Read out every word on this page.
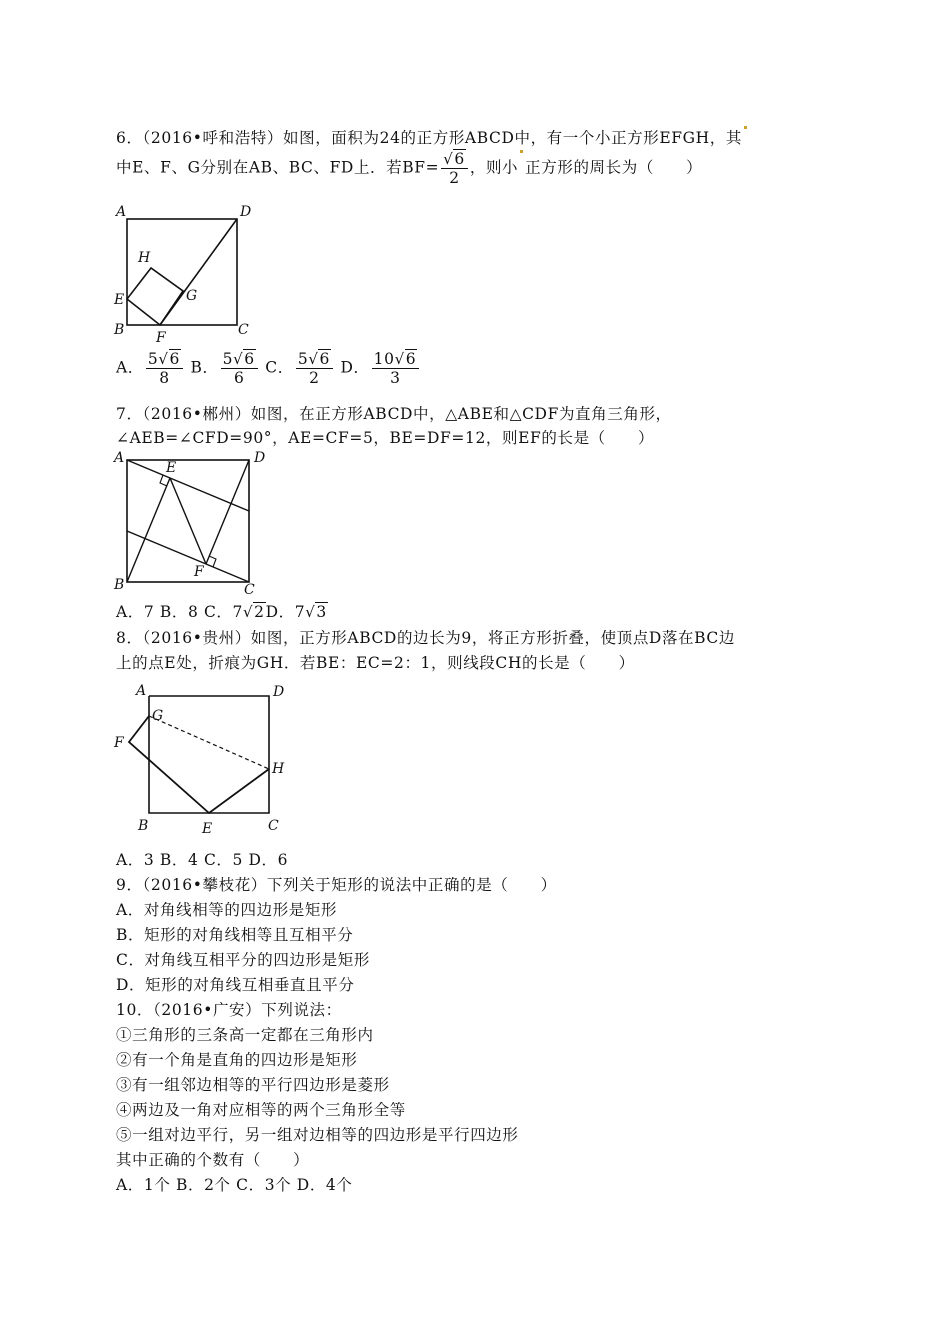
6．（2016•呼和浩特）如图，面积为24的正方形ABCD中，有一个小正方形EFGH，其
中E、F、G分别在AB、BC、FD上．若$BF= \frac{√6}{2}$ ，则小 正方形的周长为（　　）
A	D
H
E	G
B F	C
A． $\frac{5√6}{8}$ B． $\frac{5√6}{6}$ C． $\frac{5√6}{2}$ D． $\frac{10√6}{3}$
7．（2016•郴州）如图，在正方形ABCD中，△ABE和△CDF为直角三角形，
∠AEB=∠CFD=90°，AE=CF=5，BE=DF=12，则EF的长是（　　）
A
E
D
B
F
C
A．7 B．8 C．7√2D．7√3
8．（2016•贵州）如图，正方形ABCD的边长为9，将正方形折叠，使顶点D落在BC边
上的点E处，折痕为GH．若BE：EC=2：1，则线段CH的长是（　　）
A	D
G
F
H
B	E	C
A．3 B．4 C．5 D．6
9．（2016•攀枝花）下列关于矩形的说法中正确的是（　　）
A．对角线相等的四边形是矩形
B．矩形的对角线相等且互相平分
C．对角线互相平分的四边形是矩形
D．矩形的对角线互相垂直且平分
10．（2016•广安）下列说法：
①三角形的三条高一定都在三角形内
②有一个角是直角的四边形是矩形
③有一组邻边相等的平行四边形是菱形
④两边及一角对应相等的两个三角形全等
⑤一组对边平行，另一组对边相等的四边形是平行四边形
其中正确的个数有（　　）
A．1个 B．2个 C．3个 D．4个
